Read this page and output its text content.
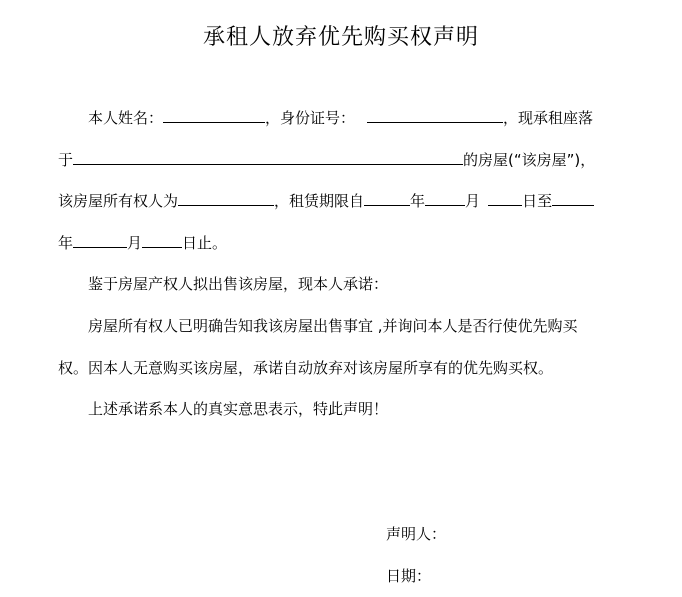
承租人放弃优先购买权声明
本人姓名：	，身份证号：	，现承租座落
于	的房屋(“该房屋”)，
该房屋所有权人为	，租赁期限自	年	月	日至
年	月	日止。
鉴于房屋产权人拟出售该房屋，现本人承诺：
房屋所有权人已明确告知我该房屋出售事宜 ,并询问本人是否行使优先购买
权。因本人无意购买该房屋，承诺自动放弃对该房屋所享有的优先购买权。
上述承诺系本人的真实意思表示，特此声明！
声明人：
日期：
